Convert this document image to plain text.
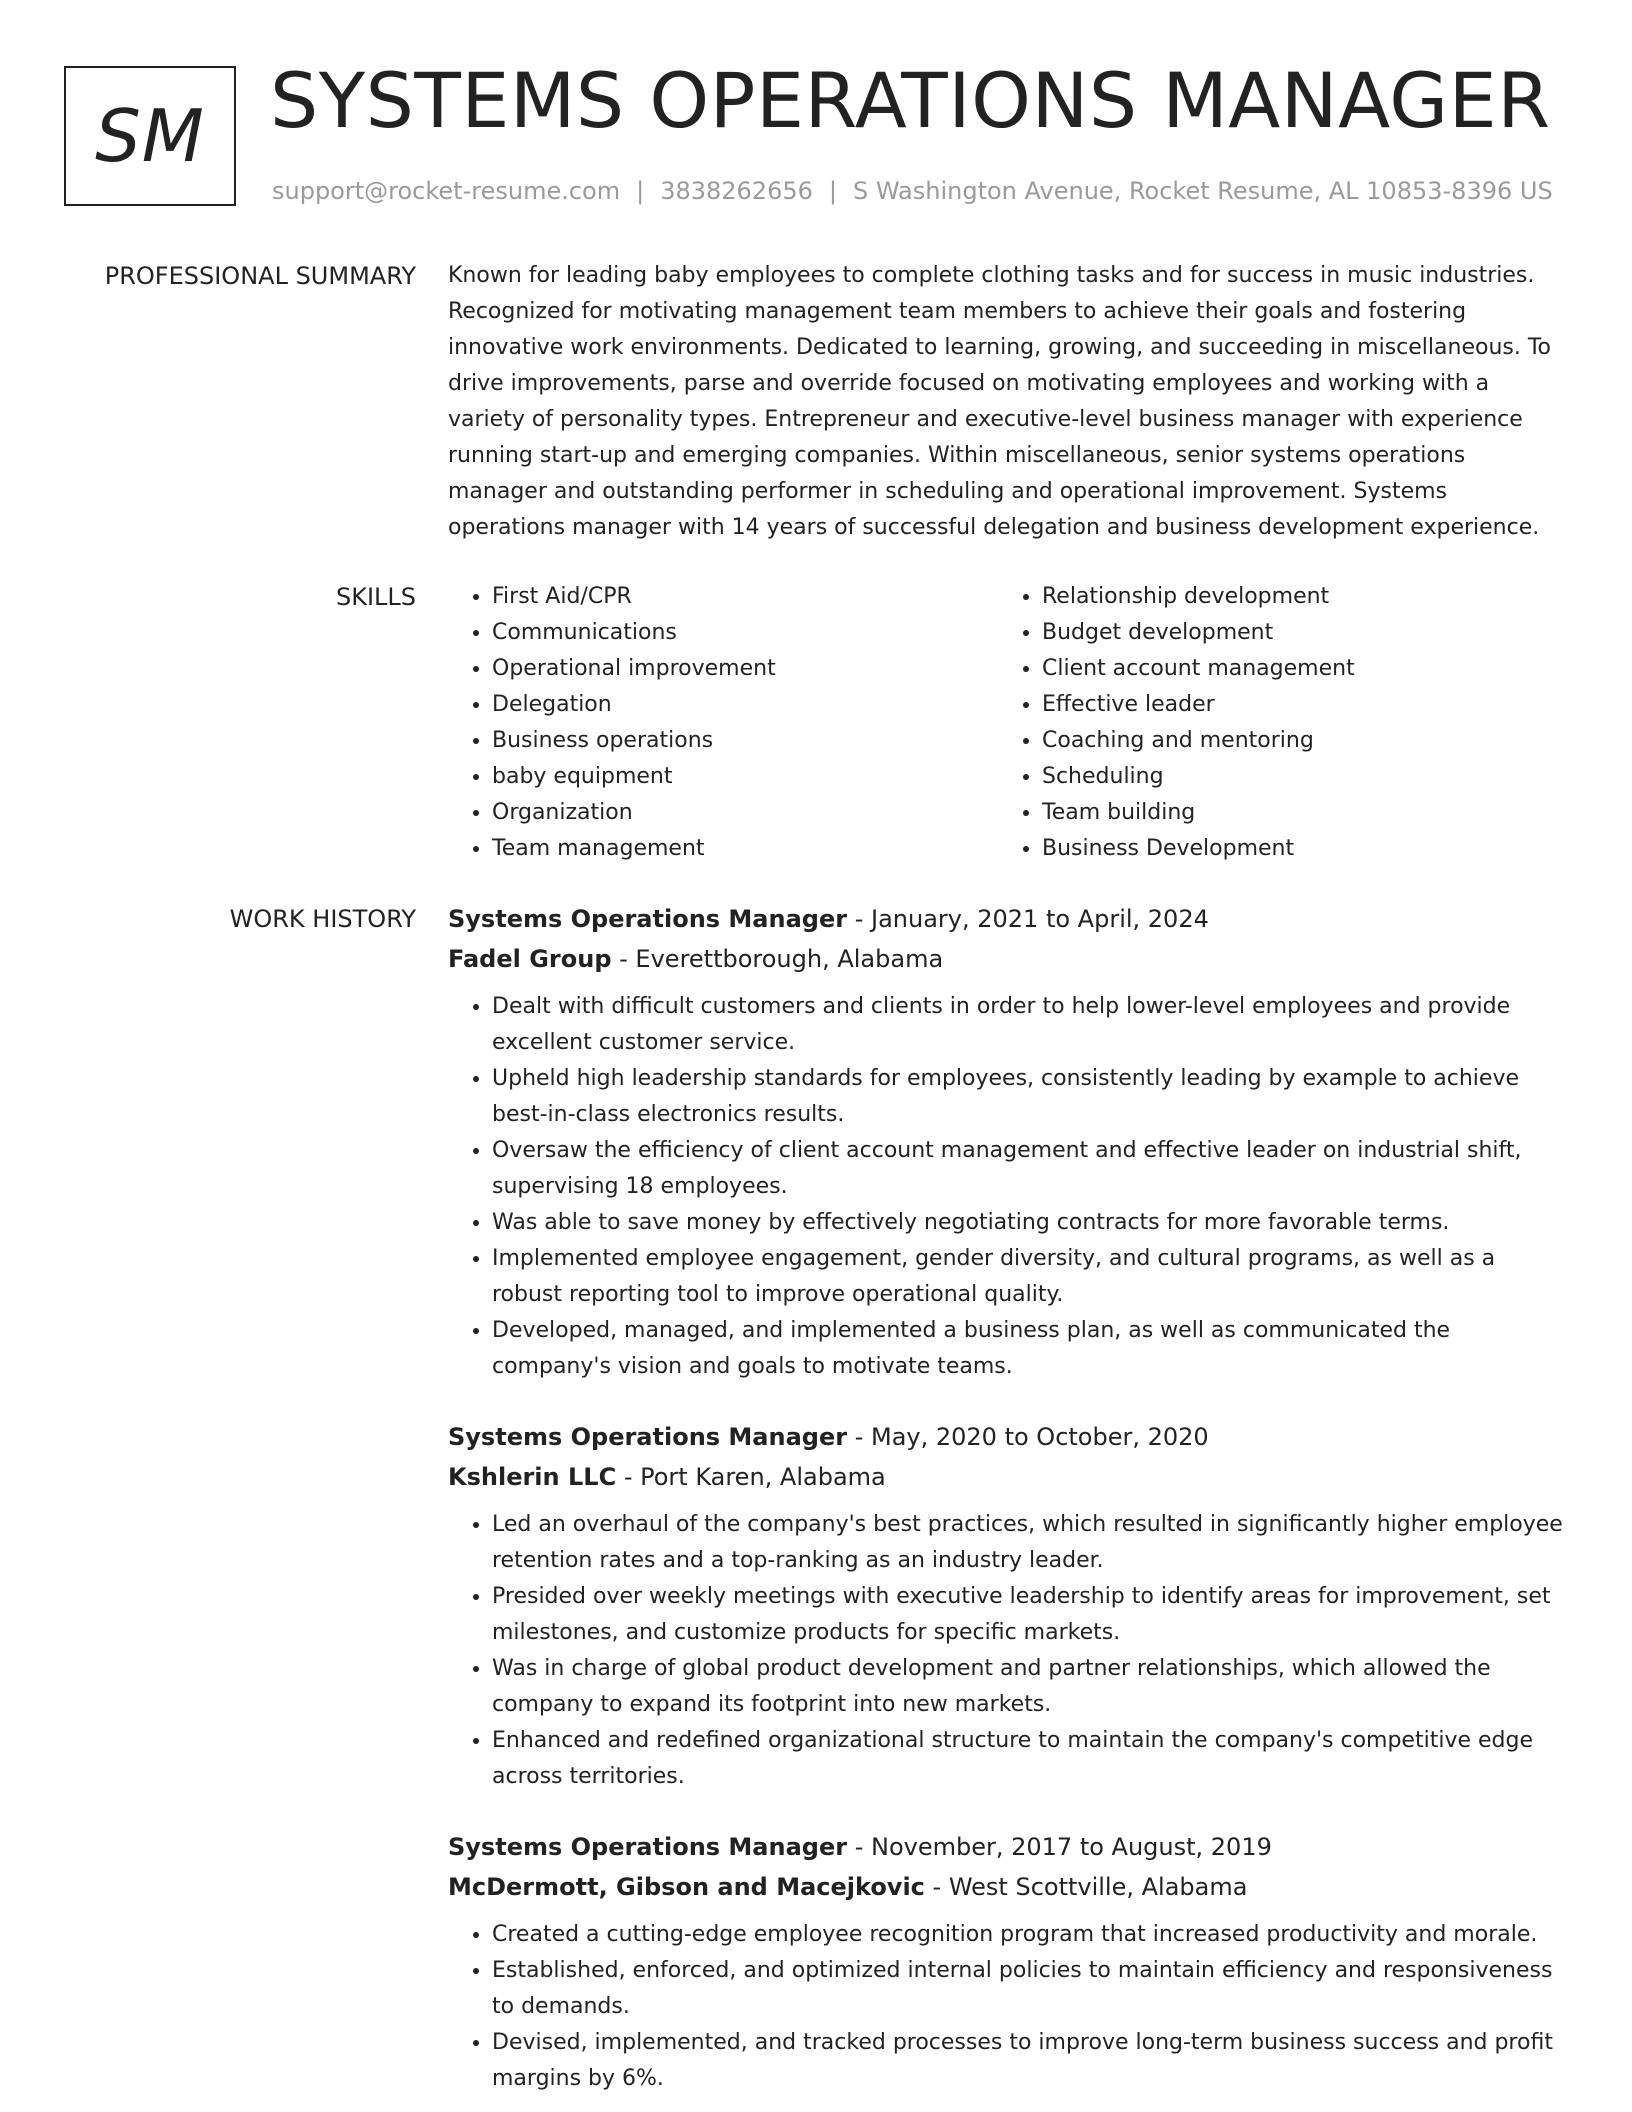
SM SYSTEMS OPERATIONS MANAGER
support@rocket-resume.com | 3838262656 | S Washington Avenue, Rocket Resume, AL 10853-8396 US
PROFESSIONAL SUMMARY Known for leading baby employees to complete clothing tasks and for success in music industries. Recognized for motivating management team members to achieve their goals and fostering innovative work environments. Dedicated to learning, growing, and succeeding in miscellaneous. To drive improvements, parse and override focused on motivating employees and working with a variety of personality types. Entrepreneur and executive-level business manager with experience running start-up and emerging companies. Within miscellaneous, senior systems operations manager and outstanding performer in scheduling and operational improvement. Systems operations manager with 14 years of successful delegation and business development experience.

SKILLS
•	First Aid/CPR
• Communications
• Operational improvement
• Delegation
• Business operations
• baby equipment
• Organization
• Team management
• Relationship development
• Budget development
• Client account management
• Effective leader
• Coaching and mentoring
• Scheduling
• Team building
• Business Development
WORK HISTORY Systems Operations Manager - January, 2021 to April, 2024
Fadel Group - Everettborough, Alabama
• Dealt with difficult customers and clients in order to help lower-level employees and provide excellent customer service.
• Upheld high leadership standards for employees, consistently leading by example to achieve best-in-class electronics results.
• Oversaw the efficiency of client account management and effective leader on industrial shift, supervising 18 employees.
• Was able to save money by effectively negotiating contracts for more favorable terms.
• Implemented employee engagement, gender diversity, and cultural programs, as well as a robust reporting tool to improve operational quality.
• Developed, managed, and implemented a business plan, as well as communicated the company's vision and goals to motivate teams.
Systems Operations Manager - May, 2020 to October, 2020
Kshlerin LLC - Port Karen, Alabama
• Led an overhaul of the company's best practices, which resulted in significantly higher employee retention rates and a top-ranking as an industry leader.
• Presided over weekly meetings with executive leadership to identify areas for improvement, set milestones, and customize products for specific markets.
• Was in charge of global product development and partner relationships, which allowed the company to expand its footprint into new markets.
• Enhanced and redefined organizational structure to maintain the company's competitive edge across territories.
Systems Operations Manager - November, 2017 to August, 2019
McDermott, Gibson and Macejkovic - West Scottville, Alabama
• Created a cutting-edge employee recognition program that increased productivity and morale.
• Established, enforced, and optimized internal policies to maintain efficiency and responsiveness to demands.
• Devised, implemented, and tracked processes to improve long-term business success and profit margins by 6%.
